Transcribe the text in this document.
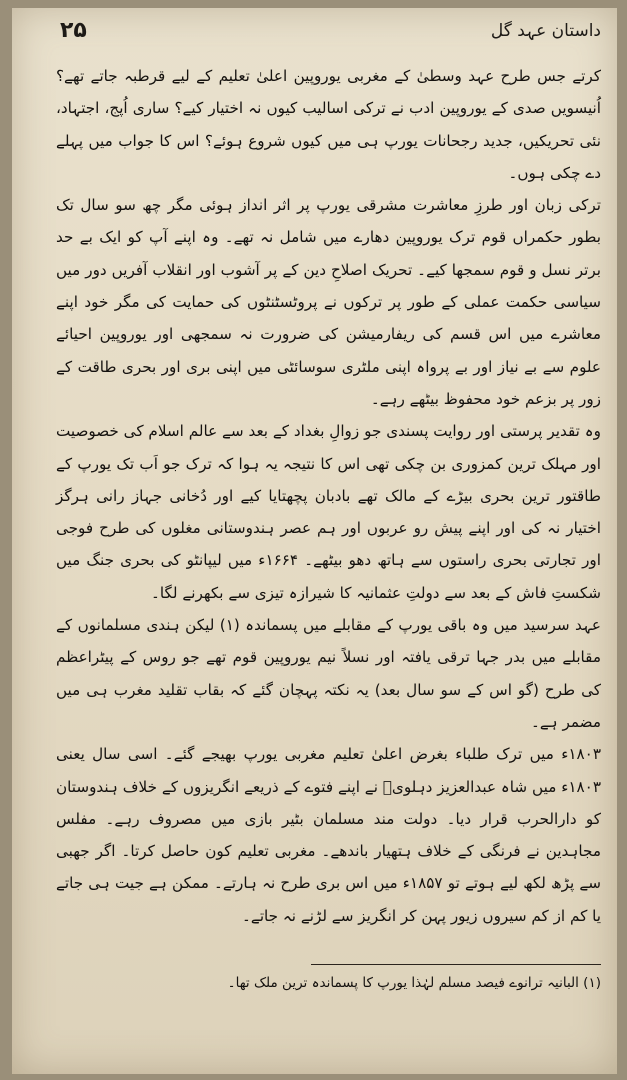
۲۵	داستان عہد گل

کرتے جس طرح عہد وسطیٰ کے مغربی یوروپین اعلیٰ تعلیم کے لیے قرطبہ جاتے تھے؟ اُنیسویں صدی کے یوروپین ادب نے ترکی اسالیب کیوں نہ اختیار کیے؟ ساری اُپج، اجتہاد، نئی تحریکیں، جدید رجحانات یورپ ہی میں کیوں شروع ہوئے؟ اس کا جواب میں پہلے دے چکی ہوں۔

ترکی زبان اور طرزِ معاشرت مشرقی یورپ پر اثر انداز ہوئی مگر چھ سو سال تک بطور حکمراں قوم ترک یوروپین دھارے میں شامل نہ تھے۔ وہ اپنے آپ کو ایک بے حد برتر نسل و قوم سمجھا کیے۔ تحریک اصلاحِ دین کے پر آشوب اور انقلاب آفریں دور میں سیاسی حکمت عملی کے طور پر ترکوں نے پروٹسٹنٹوں کی حمایت کی مگر خود اپنے معاشرے میں اس قسم کی ریفارمیشن کی ضرورت نہ سمجھی اور یوروپین احیائے علوم سے بے نیاز اور بے پرواہ اپنی ملٹری سوسائٹی میں اپنی بری اور بحری طاقت کے زور پر بزعم خود محفوظ بیٹھے رہے۔

وہ تقدیر پرستی اور روایت پسندی جو زوالِ بغداد کے بعد سے عالم اسلام کی خصوصیت اور مہلک ترین کمزوری بن چکی تھی اس کا نتیجہ یہ ہوا کہ ترک جو اَب تک یورپ کے طاقتور ترین بحری بیڑے کے مالک تھے بادبان پچھتایا کیے اور دُخانی جہاز رانی ہرگز اختیار نہ کی اور اپنے پیش رو عربوں اور ہم عصر ہندوستانی مغلوں کی طرح فوجی اور تجارتی بحری راستوں سے ہاتھ دھو بیٹھے۔ ۱۶۶۴ء میں لیپانٹو کی بحری جنگ میں شکستِ فاش کے بعد سے دولتِ عثمانیہ کا شیرازہ تیزی سے بکھرنے لگا۔

عہد سرسید میں وہ باقی یورپ کے مقابلے میں پسماندہ (۱) لیکن ہندی مسلمانوں کے مقابلے میں بدر جہا ترقی یافتہ اور نسلاً نیم یوروپین قوم تھے جو روس کے پیٹراعظم کی طرح (گو اس کے سو سال بعد) یہ نکتہ پہچان گئے کہ بقاب تقلید مغرب ہی میں مضمر ہے۔

۱۸۰۳ء میں ترک طلباء بغرض اعلیٰ تعلیم مغربی یورپ بھیجے گئے۔ اسی سال یعنی ۱۸۰۳ء میں شاہ عبدالعزیز دہلویؒ نے اپنے فتوے کے ذریعے انگریزوں کے خلاف ہندوستان کو دارالحرب قرار دیا۔ دولت مند مسلمان بٹیر بازی میں مصروف رہے۔ مفلس مجاہدین نے فرنگی کے خلاف ہتھیار باندھے۔ مغربی تعلیم کون حاصل کرتا۔ اگر جھبی سے پڑھ لکھ لیے ہوتے تو ۱۸۵۷ء میں اس بری طرح نہ ہارتے۔ ممکن ہے جیت ہی جاتے یا کم از کم سیروں زیور پہن کر انگریز سے لڑنے نہ جاتے۔

(۱) البانیہ ترانوے فیصد مسلم لہٰذا یورپ کا پسماندہ ترین ملک تھا۔
